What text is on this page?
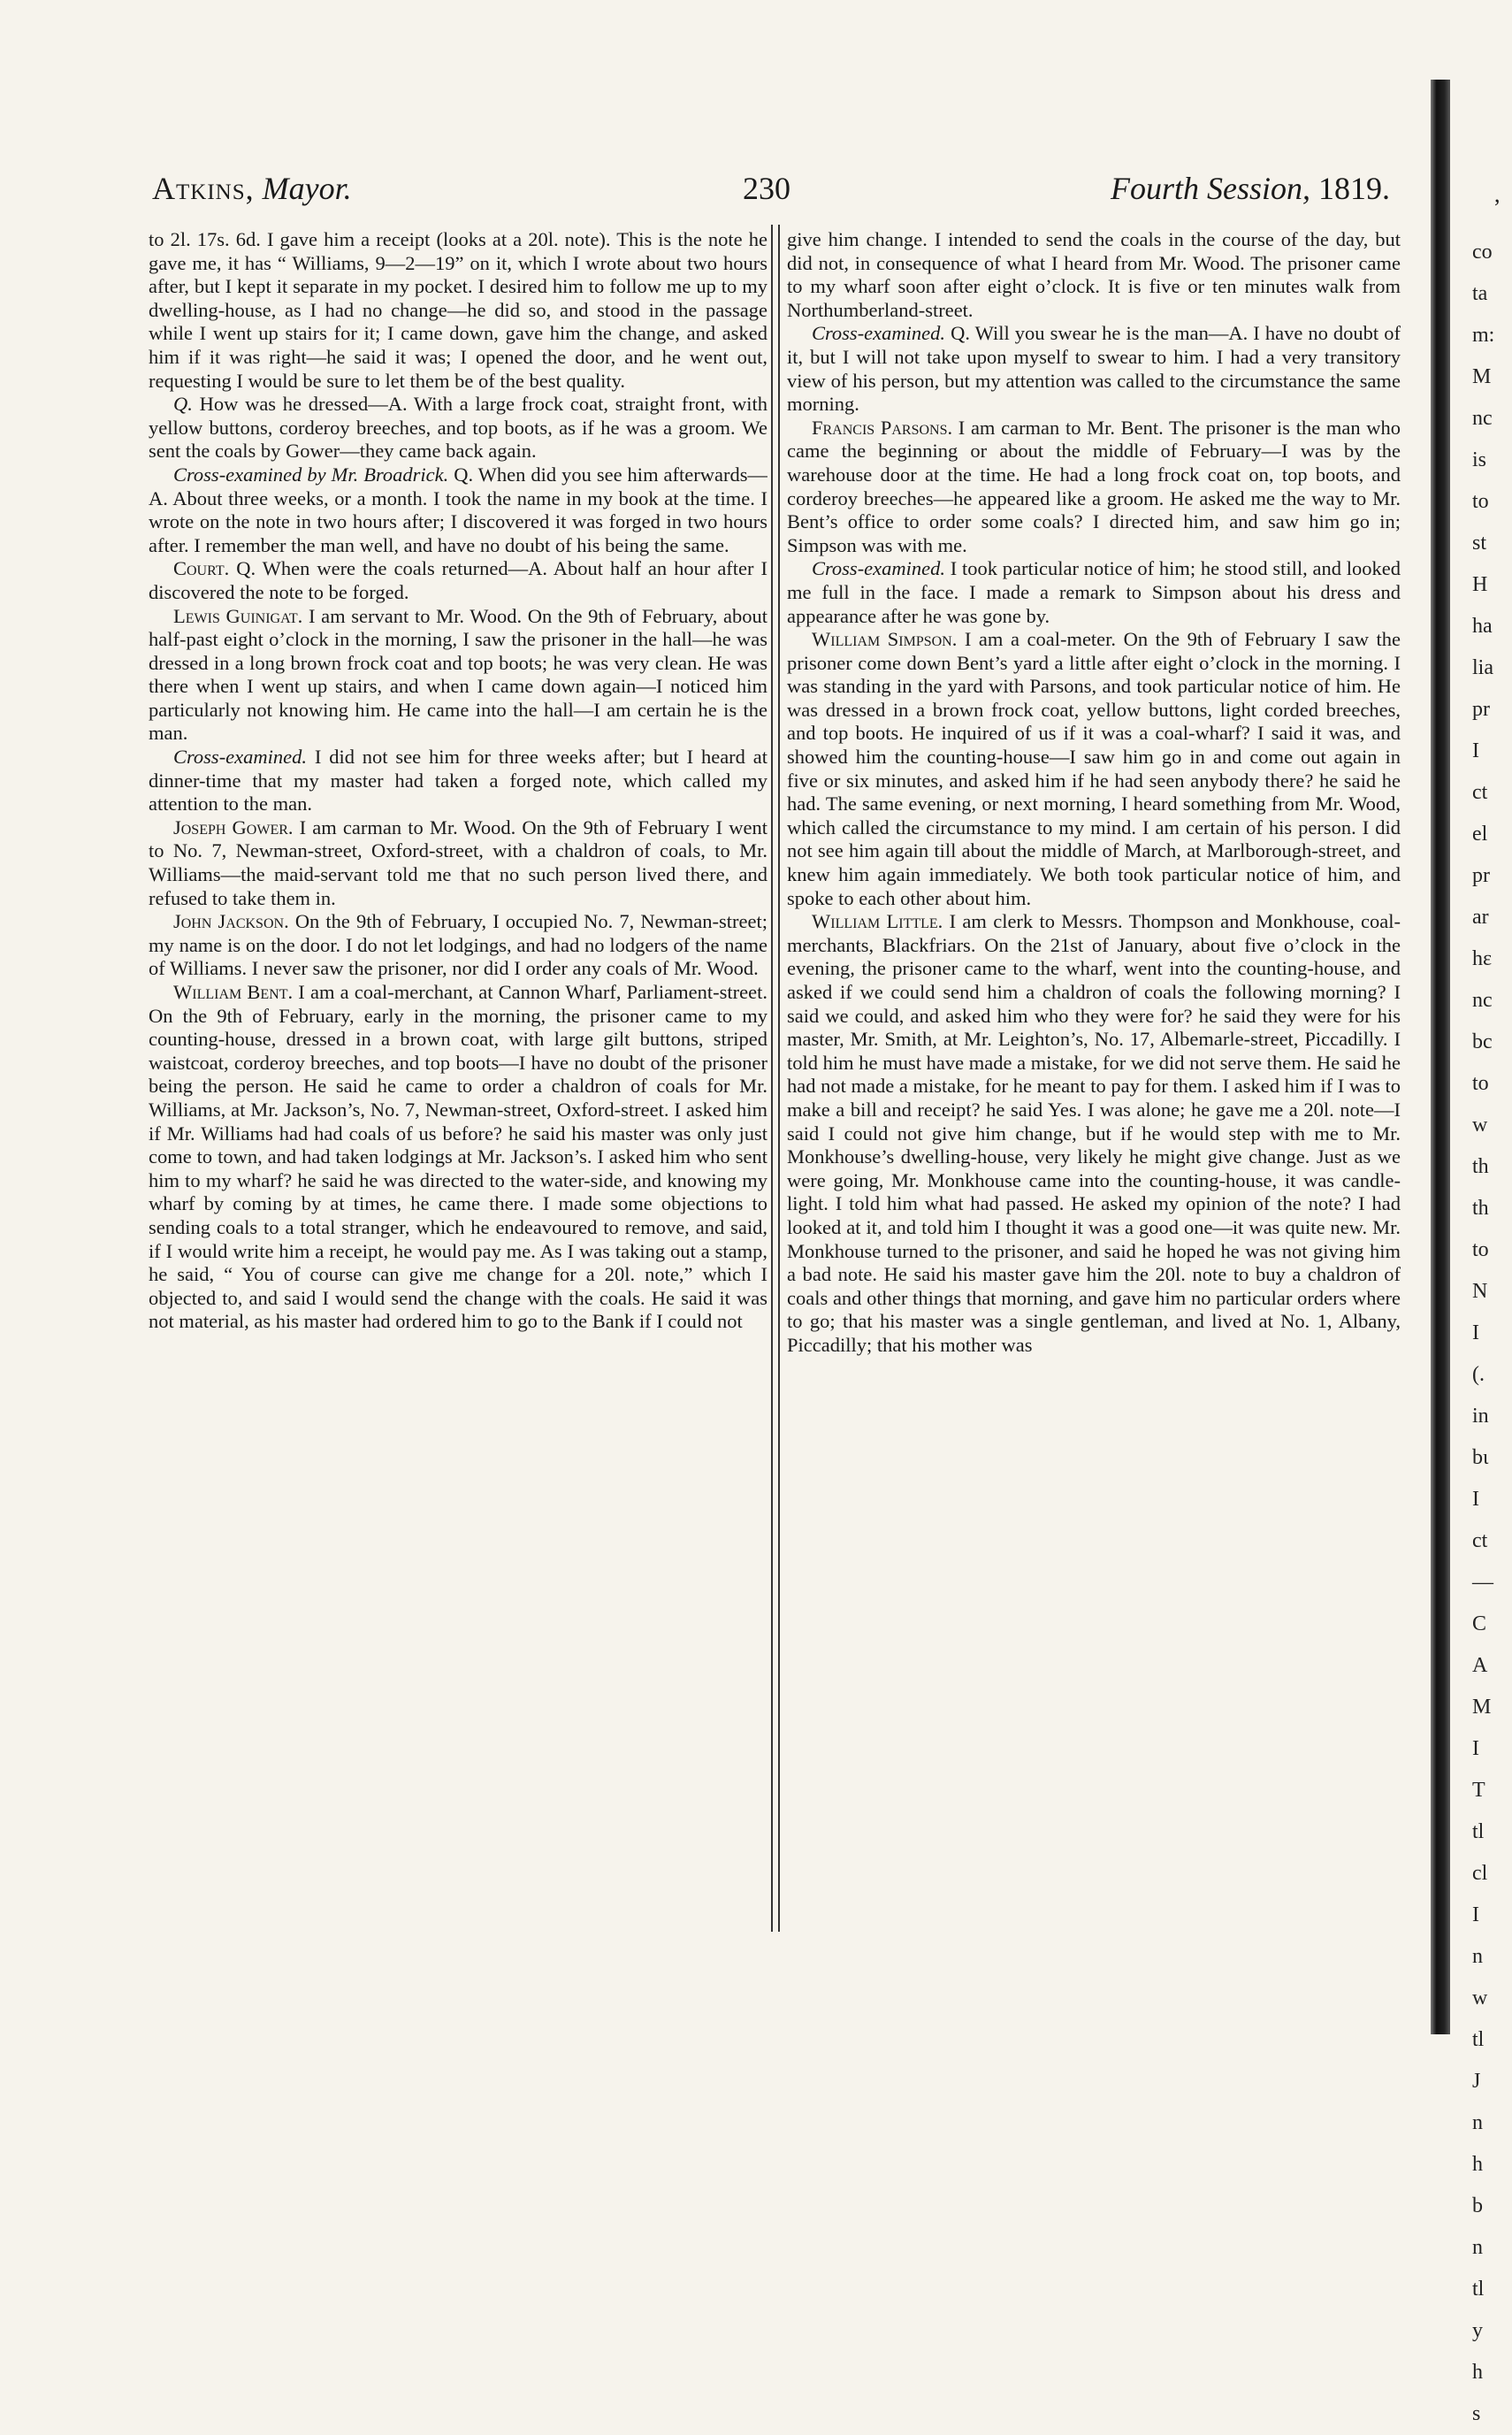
Atkins, Mayor.	230	Fourth Session, 1819.

to 2l. 17s. 6d. I gave him a receipt (looks at a 20l. note). This is the note he gave me, it has “ Williams, 9—2—19” on it, which I wrote about two hours after, but I kept it separate in my pocket. I desired him to follow me up to my dwelling-house, as I had no change—he did so, and stood in the passage while I went up stairs for it; I came down, gave him the change, and asked him if it was right—he said it was; I opened the door, and he went out, requesting I would be sure to let them be of the best quality.

Q. How was he dressed—A. With a large frock coat, straight front, with yellow buttons, corderoy breeches, and top boots, as if he was a groom. We sent the coals by Gower—they came back again.

Cross-examined by Mr. Broadrick. Q. When did you see him afterwards—A. About three weeks, or a month. I took the name in my book at the time. I wrote on the note in two hours after; I discovered it was forged in two hours after. I remember the man well, and have no doubt of his being the same.

Court. Q. When were the coals returned—A. About half an hour after I discovered the note to be forged.

Lewis Guinigat. I am servant to Mr. Wood. On the 9th of February, about half-past eight o’clock in the morning, I saw the prisoner in the hall—he was dressed in a long brown frock coat and top boots; he was very clean. He was there when I went up stairs, and when I came down again—I noticed him particularly not knowing him. He came into the hall—I am certain he is the man.

Cross-examined. I did not see him for three weeks after; but I heard at dinner-time that my master had taken a forged note, which called my attention to the man.

Joseph Gower. I am carman to Mr. Wood. On the 9th of February I went to No. 7, Newman-street, Oxford-street, with a chaldron of coals, to Mr. Williams—the maid-servant told me that no such person lived there, and refused to take them in.

John Jackson. On the 9th of February, I occupied No. 7, Newman-street; my name is on the door. I do not let lodgings, and had no lodgers of the name of Williams. I never saw the prisoner, nor did I order any coals of Mr. Wood.

William Bent. I am a coal-merchant, at Cannon Wharf, Parliament-street. On the 9th of February, early in the morning, the prisoner came to my counting-house, dressed in a brown coat, with large gilt buttons, striped waistcoat, corderoy breeches, and top boots—I have no doubt of the prisoner being the person. He said he came to order a chaldron of coals for Mr. Williams, at Mr. Jackson’s, No. 7, Newman-street, Oxford-street. I asked him if Mr. Williams had had coals of us before? he said his master was only just come to town, and had taken lodgings at Mr. Jackson’s. I asked him who sent him to my wharf? he said he was directed to the water-side, and knowing my wharf by coming by at times, he came there. I made some objections to sending coals to a total stranger, which he endeavoured to remove, and said, if I would write him a receipt, he would pay me. As I was taking out a stamp, he said, “ You of course can give me change for a 20l. note,” which I objected to, and said I would send the change with the coals. He said it was not material, as his master had ordered him to go to the Bank if I could not

give him change. I intended to send the coals in the course of the day, but did not, in consequence of what I heard from Mr. Wood. The prisoner came to my wharf soon after eight o’clock. It is five or ten minutes walk from Northumberland-street.

Cross-examined. Q. Will you swear he is the man—A. I have no doubt of it, but I will not take upon myself to swear to him. I had a very transitory view of his person, but my attention was called to the circumstance the same morning.

Francis Parsons. I am carman to Mr. Bent. The prisoner is the man who came the beginning or about the middle of February—I was by the warehouse door at the time. He had a long frock coat on, top boots, and corderoy breeches—he appeared like a groom. He asked me the way to Mr. Bent’s office to order some coals? I directed him, and saw him go in; Simpson was with me.

Cross-examined. I took particular notice of him; he stood still, and looked me full in the face. I made a remark to Simpson about his dress and appearance after he was gone by.

William Simpson. I am a coal-meter. On the 9th of February I saw the prisoner come down Bent’s yard a little after eight o’clock in the morning. I was standing in the yard with Parsons, and took particular notice of him. He was dressed in a brown frock coat, yellow buttons, light corded breeches, and top boots. He inquired of us if it was a coal-wharf? I said it was, and showed him the counting-house—I saw him go in and come out again in five or six minutes, and asked him if he had seen anybody there? he said he had. The same evening, or next morning, I heard something from Mr. Wood, which called the circumstance to my mind. I am certain of his person. I did not see him again till about the middle of March, at Marlborough-street, and knew him again immediately. We both took particular notice of him, and spoke to each other about him.

William Little. I am clerk to Messrs. Thompson and Monkhouse, coal-merchants, Blackfriars. On the 21st of January, about five o’clock in the evening, the prisoner came to the wharf, went into the counting-house, and asked if we could send him a chaldron of coals the following morning? I said we could, and asked him who they were for? he said they were for his master, Mr. Smith, at Mr. Leighton’s, No. 17, Albemarle-street, Piccadilly. I told him he must have made a mistake, for we did not serve them. He said he had not made a mistake, for he meant to pay for them. I asked him if I was to make a bill and receipt? he said Yes. I was alone; he gave me a 20l. note—I said I could not give him change, but if he would step with me to Mr. Monkhouse’s dwelling-house, very likely he might give change. Just as we were going, Mr. Monkhouse came into the counting-house, it was candle-light. I told him what had passed. He asked my opinion of the note? I had looked at it, and told him I thought it was a good one—it was quite new. Mr. Monkhouse turned to the prisoner, and said he hoped he was not giving him a bad note. He said his master gave him the 20l. note to buy a chaldron of coals and other things that morning, and gave him no particular orders where to go; that his master was a single gentleman, and lived at No. 1, Albany, Piccadilly; that his mother was

,
co
ta
m:
M
nc
is
to
st
H
ha
lia
pr
I
ct
el
pr
ar
hε
nc
bc
to
w
th
th
to
N
I
(.
in
bι
I
ct
—
C
A
M
I
T
tl
cl
I
n
w
tl
J
n
h
b
n
tl
y
h
s
